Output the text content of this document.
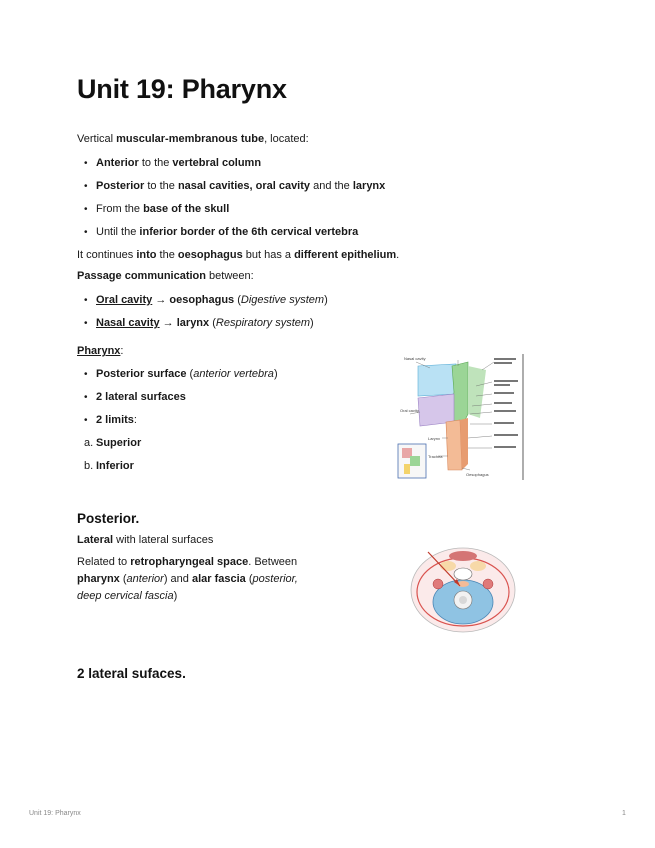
Unit 19: Pharynx
Vertical muscular-membranous tube, located:
• Anterior to the vertebral column
• Posterior to the nasal cavities, oral cavity and the larynx
• From the base of the skull
• Until the inferior border of the 6th cervical vertebra
It continues into the oesophagus but has a different epithelium.
Passage communication between:
• Oral cavity → oesophagus (Digestive system)
• Nasal cavity → larynx (Respiratory system)
Pharynx:
• Posterior surface (anterior vertebra)
• 2 lateral surfaces
• 2 limits:
a. Superior
b. Inferior
Nasal cavity
Oral cavity
Larynx
Trachea
Oesophagus
Posterior.
Lateral with lateral surfaces
Related to retropharyngeal space. Between
pharynx (anterior) and alar fascia (posterior,
deep cervical fascia)
2 lateral sufaces.
Unit 19: Pharynx	1
